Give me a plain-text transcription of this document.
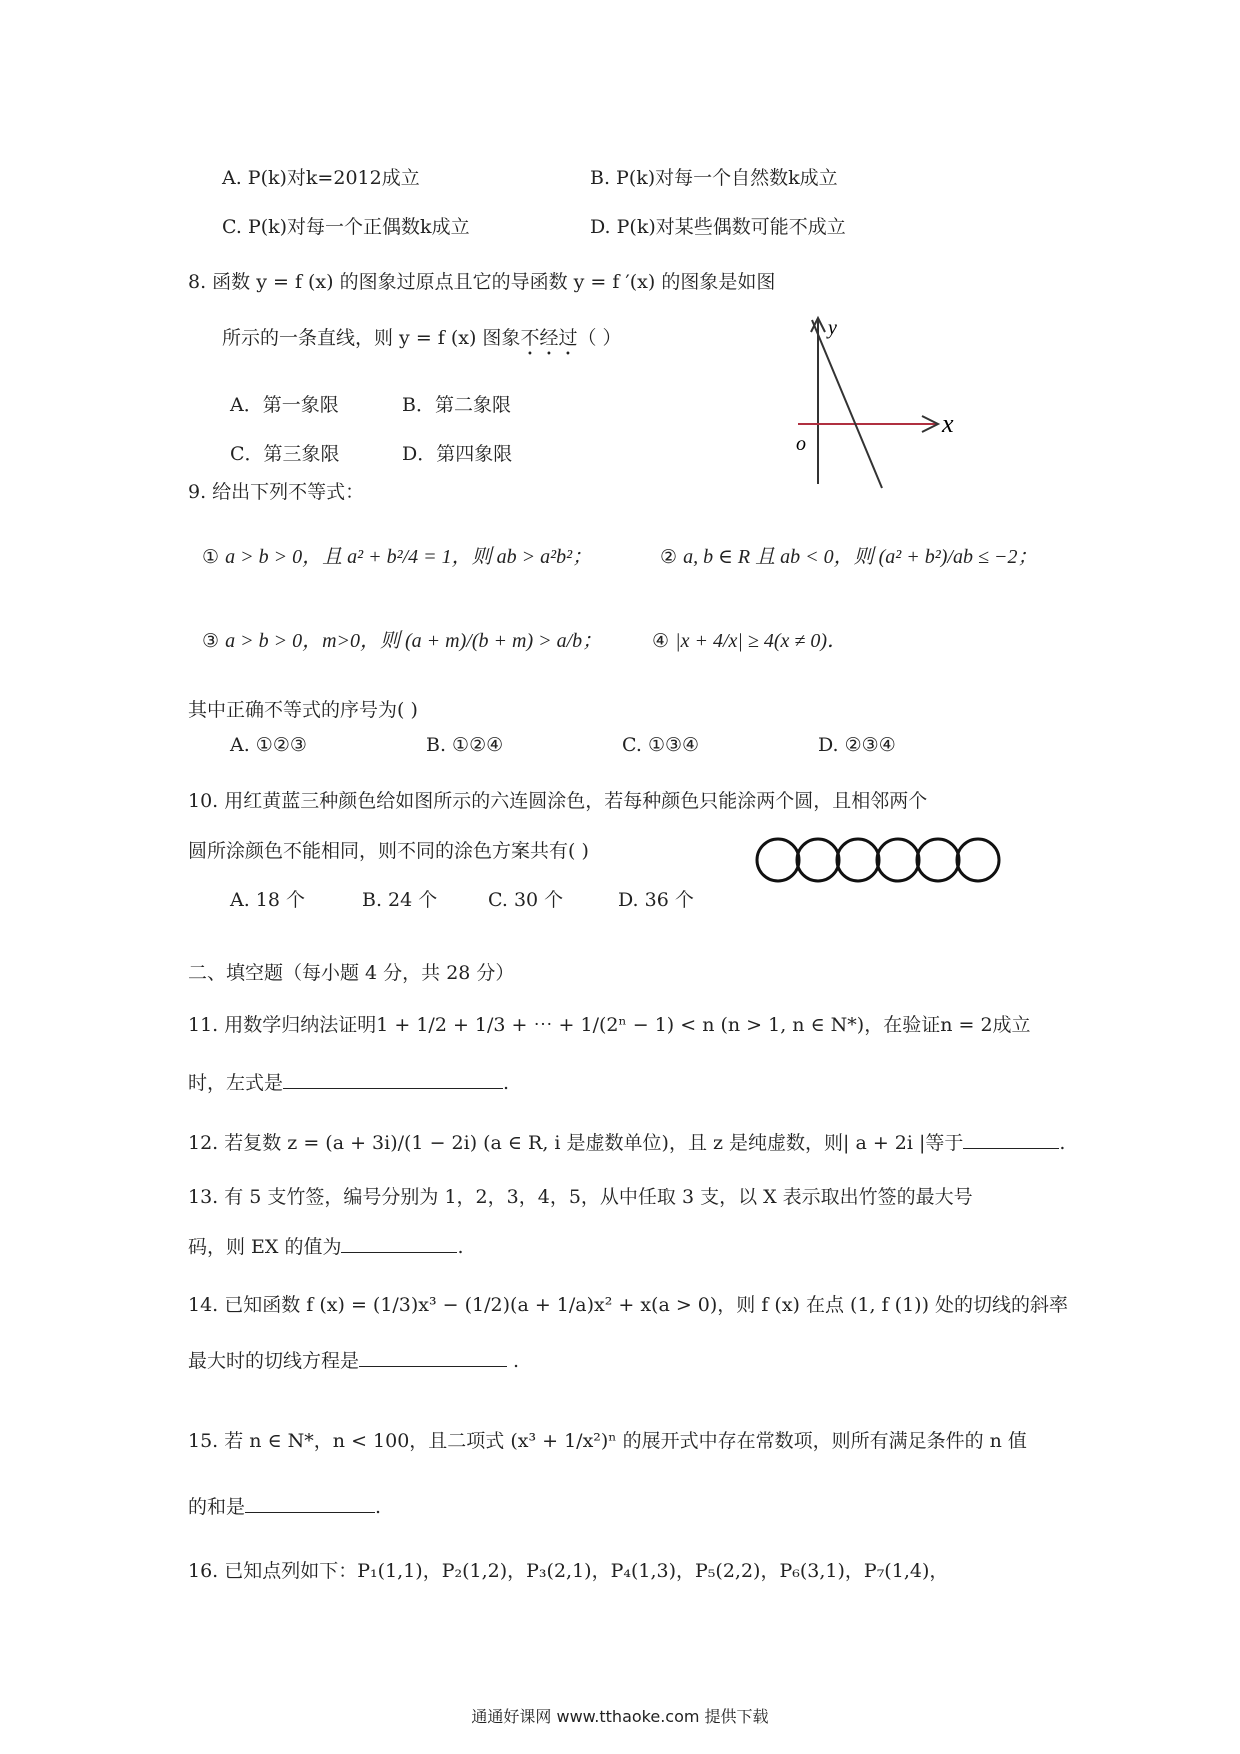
A. P(k)对k=2012成立	B. P(k)对每一个自然数k成立
C. P(k)对每一个正偶数k成立	D. P(k)对某些偶数可能不成立
8. 函数 y = f (x) 的图象过原点且它的导函数 y = f ′(x) 的图象是如图
所示的一条直线，则 y = f (x) 图象不经过（ ）
A．第一象限	B．第二象限
C．第三象限	D．第四象限
y
x
o
9. 给出下列不等式：
① a > b > 0，且 a² + b²/4 = 1，则 ab > a²b²；	② a, b ∈ R 且 ab < 0，则 (a² + b²)/ab ≤ −2；
③ a > b > 0，m>0，则 (a + m)/(b + m) > a/b；	④ |x + 4/x| ≥ 4(x ≠ 0)．
其中正确不等式的序号为( )
A. ①②③	B. ①②④	C. ①③④	D. ②③④
10. 用红黄蓝三种颜色给如图所示的六连圆涂色，若每种颜色只能涂两个圆，且相邻两个
圆所涂颜色不能相同，则不同的涂色方案共有( )
A. 18 个	B. 24 个	C. 30 个	D. 36 个
二、填空题（每小题 4 分，共 28 分）
11. 用数学归纳法证明1 + 1/2 + 1/3 + ⋯ + 1/(2ⁿ − 1) < n (n > 1, n ∈ N*)，在验证n = 2成立
时，左式是	.
12. 若复数 z = (a + 3i)/(1 − 2i) (a ∈ R, i 是虚数单位)，且 z 是纯虚数，则| a + 2i |等于	.
13. 有 5 支竹签，编号分别为 1，2，3，4，5，从中任取 3 支，以 X 表示取出竹签的最大号
码，则 EX 的值为	.
14. 已知函数 f (x) = (1/3)x³ − (1/2)(a + 1/a)x² + x(a > 0)，则 f (x) 在点 (1, f (1)) 处的切线的斜率
最大时的切线方程是	.
15. 若 n ∈ N*，n < 100，且二项式 (x³ + 1/x²)ⁿ 的展开式中存在常数项，则所有满足条件的 n 值
的和是	.
16. 已知点列如下：P₁(1,1)，P₂(1,2)，P₃(2,1)，P₄(1,3)，P₅(2,2)，P₆(3,1)，P₇(1,4)，
通通好课网 www.tthaoke.com 提供下载
